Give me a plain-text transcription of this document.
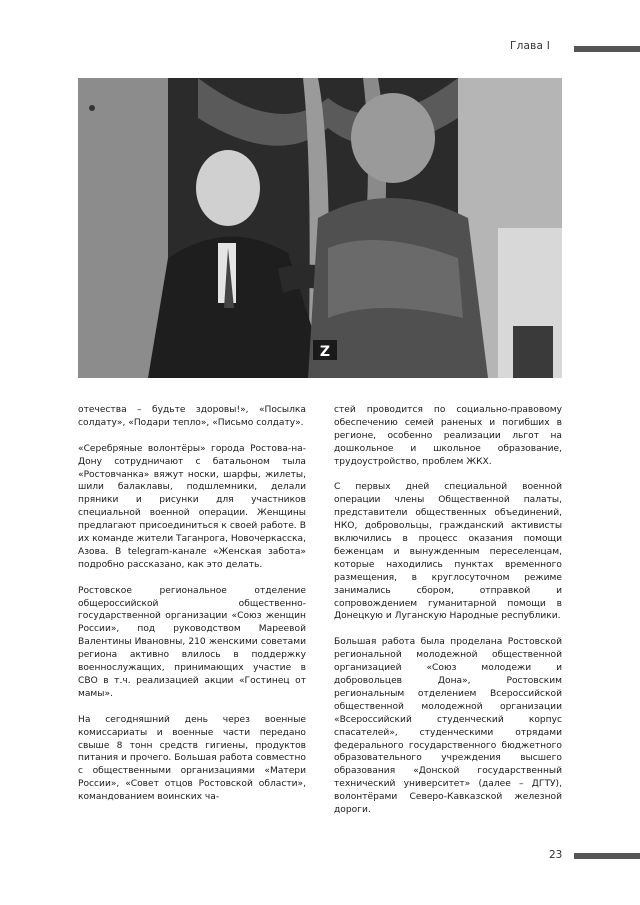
Глава I
Z

отечества – будьте здоровы!», «Посылка солдату», «Подари тепло», «Письмо солдату».

«Серебряные волонтёры» города Ростова-на-Дону сотрудничают с батальоном тыла «Ростовчанка» вяжут носки, шарфы, жилеты, шили балаклавы, подшлемники, делали пряники и рисунки для участников специальной военной операции. Женщины предлагают присоединиться к своей работе. В их команде жители Таганрога, Новочеркасска, Азова. В telegram-канале «Женская забота» подробно рассказано, как это делать.

Ростовское региональное отделение общероссийской общественно-государственной организации «Союз женщин России», под руководством Мареевой Валентины Ивановны, 210 женскими советами региона активно влилось в поддержку военнослужащих, принимающих участие в СВО в т.ч. реализацией акции «Гостинец от мамы».

На сегодняшний день через военные комиссариаты и военные части передано свыше 8 тонн средств гигиены, продуктов питания и прочего. Большая работа совместно с общественными организациями «Матери России», «Совет отцов Ростовской области», командованием воинских ча-

стей проводится по социально-правовому обеспечению семей раненых и погибших в регионе, особенно реализации льгот на дошкольное и школьное образование, трудоустройство, проблем ЖКХ.

С первых дней специальной военной операции члены Общественной палаты, представители общественных объединений, НКО, добровольцы, гражданский активисты включились в процесс оказания помощи беженцам и вынужденным переселенцам, которые находились пунктах временного размещения, в круглосуточном режиме занимались сбором, отправкой и сопровождением гуманитарной помощи в Донецкую и Луганскую Народные республики.

Большая работа была проделана Ростовской региональной молодежной общественной организацией «Союз молодежи и добровольцев Дона», Ростовским региональным отделением Всероссийской общественной молодежной организации «Всероссийский студенческий корпус спасателей», студенческими отрядами федерального государственного бюджетного образовательного учреждения высшего образования «Донской государственный технический университет» (далее – ДГТУ), волонтёрами Северо-Кавказской железной дороги.

23
